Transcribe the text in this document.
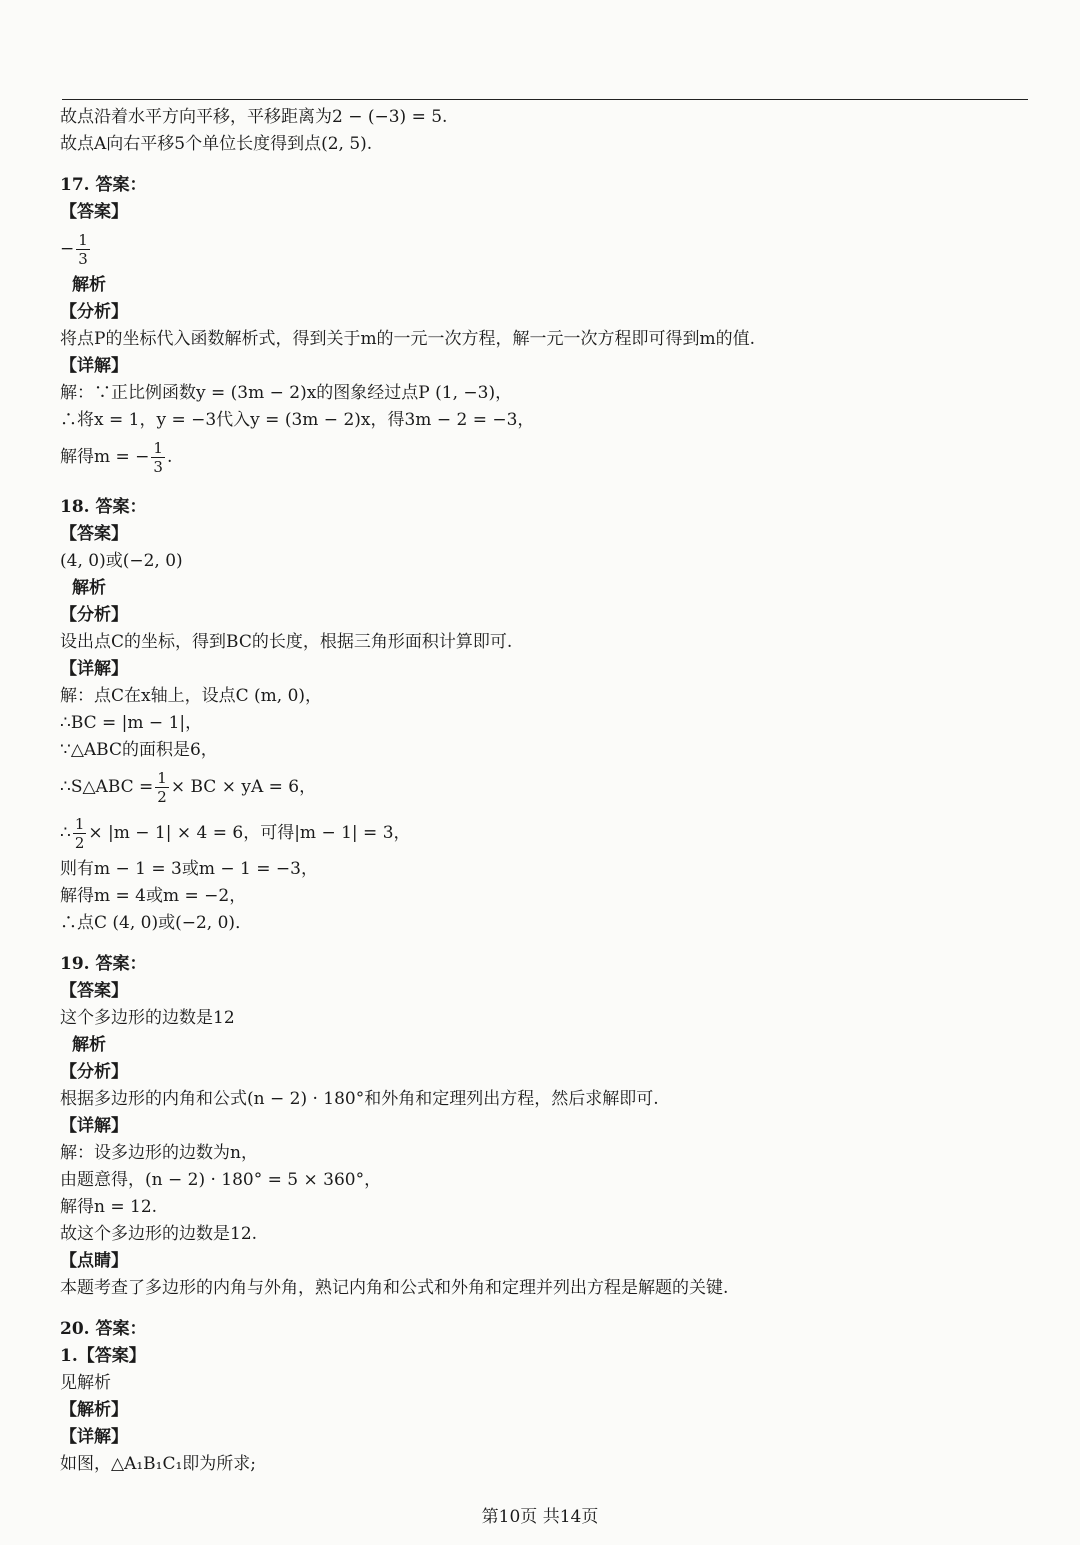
故点沿着水平方向平移，平移距离为2 − (−3) = 5.
故点A向右平移5个单位长度得到点(2, 5).
17. 答案：
【答案】
− $\frac{1}{3}$
解析
【分析】
将点P的坐标代入函数解析式，得到关于m的一元一次方程，解一元一次方程即可得到m的值.
【详解】
解：∵正比例函数y = (3m − 2)x的图象经过点P (1, −3)，
∴将x = 1，y = −3代入y = (3m − 2)x，得3m − 2 = −3，
解得m = − $\frac{1}{3}$ .
18. 答案：
【答案】
(4, 0)或(−2, 0)
解析
【分析】
设出点C的坐标，得到BC的长度，根据三角形面积计算即可.
【详解】
解：点C在x轴上，设点C (m, 0)，
∴BC = |m − 1|，
∵△ABC的面积是6，
∴S△ABC = $\frac{1}{2}$ × BC × yA = 6，
∴ $\frac{1}{2} \times |m - 1| \times 4 = 6$，可得|m − 1| = 3，
则有m − 1 = 3或m − 1 = −3，
解得m = 4或m = −2，
∴点C (4, 0)或(−2, 0)．
19. 答案：
【答案】
这个多边形的边数是12
解析
【分析】
根据多边形的内角和公式(n − 2) · 180°和外角和定理列出方程，然后求解即可.
【详解】
解：设多边形的边数为n，
由题意得，(n − 2) · 180° = 5 × 360°，
解得n = 12.
故这个多边形的边数是12.
【点睛】
本题考查了多边形的内角与外角，熟记内角和公式和外角和定理并列出方程是解题的关键.
20. 答案：
1.【答案】
见解析
【解析】
【详解】
如图，△A₁B₁C₁即为所求;
第10页 共14页
